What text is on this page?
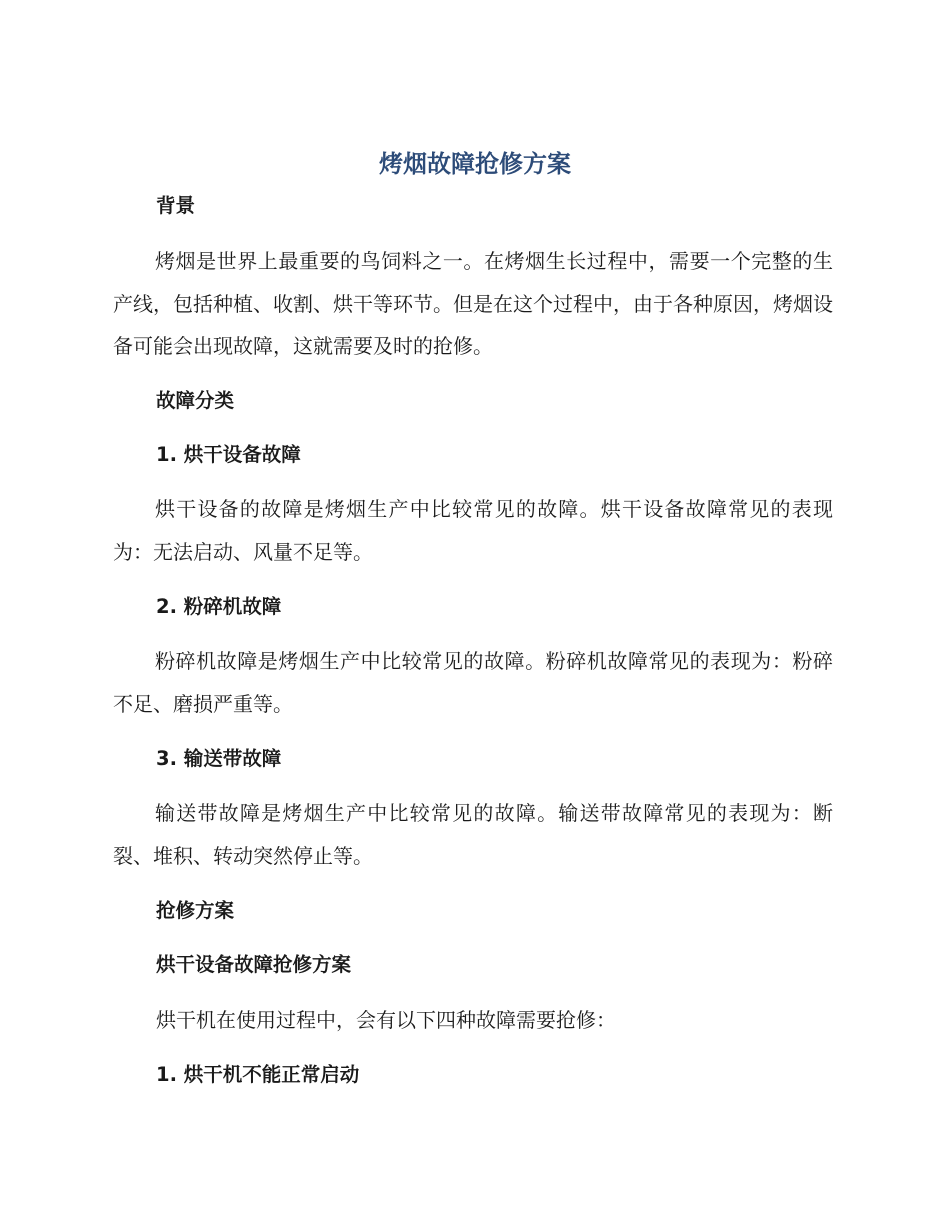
烤烟故障抢修方案
背景

烤烟是世界上最重要的鸟饲料之一。在烤烟生长过程中，需要一个完整的生产线，包括种植、收割、烘干等环节。但是在这个过程中，由于各种原因，烤烟设备可能会出现故障，这就需要及时的抢修。

故障分类
1. 烘干设备故障

烘干设备的故障是烤烟生产中比较常见的故障。烘干设备故障常见的表现为：无法启动、风量不足等。

2. 粉碎机故障

粉碎机故障是烤烟生产中比较常见的故障。粉碎机故障常见的表现为：粉碎不足、磨损严重等。

3. 输送带故障

输送带故障是烤烟生产中比较常见的故障。输送带故障常见的表现为：断裂、堆积、转动突然停止等。

抢修方案
烘干设备故障抢修方案

烘干机在使用过程中，会有以下四种故障需要抢修：

1. 烘干机不能正常启动
